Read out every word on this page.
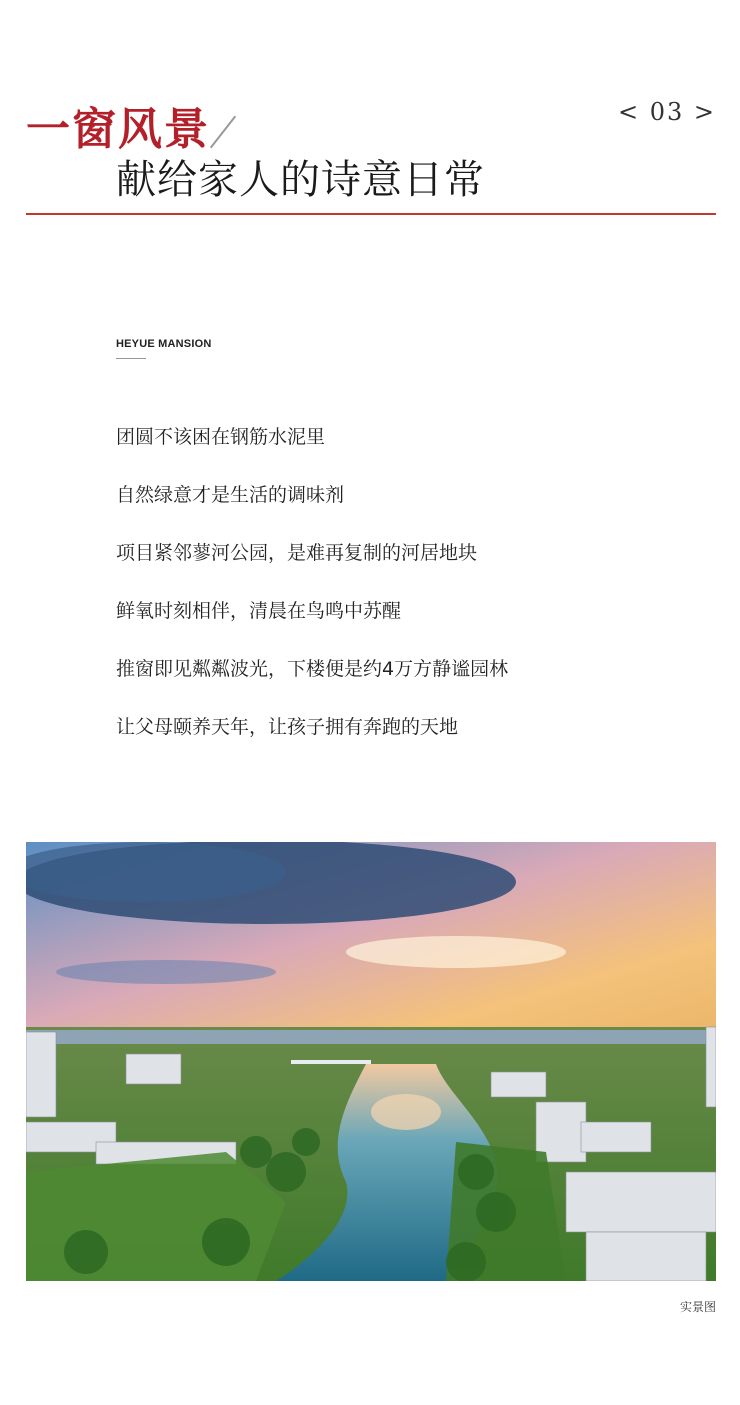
一窗风景
献给家人的诗意日常
< 03 >
HEYUE MANSION
团圆不该困在钢筋水泥里
自然绿意才是生活的调味剂
项目紧邻蓼河公园，是难再复制的河居地块
鲜氧时刻相伴，清晨在鸟鸣中苏醒
推窗即见粼粼波光，下楼便是约4万方静谧园林
让父母颐养天年，让孩子拥有奔跑的天地
实景图
